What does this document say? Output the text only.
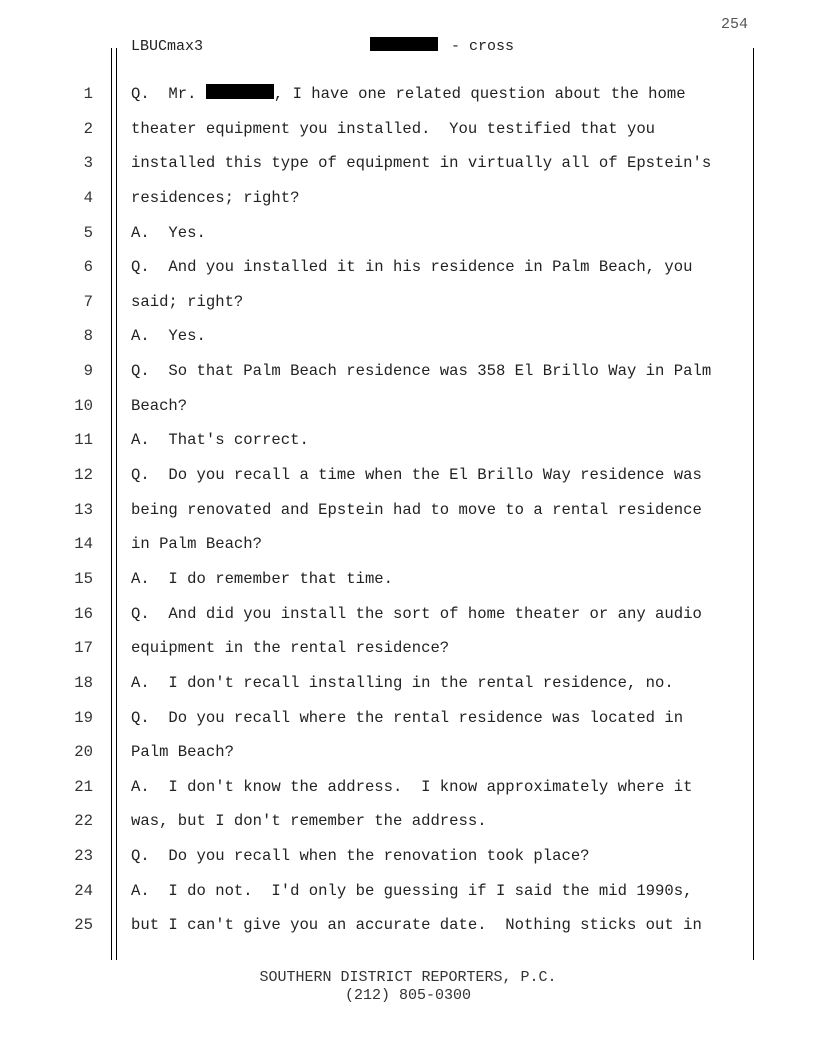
254
LBUCmax3	- cross
1 Q.  Mr.	, I have one related question about the home
2 theater equipment you installed.  You testified that you
3 installed this type of equipment in virtually all of Epstein's
4 residences; right?
5 A.  Yes.
6 Q.  And you installed it in his residence in Palm Beach, you
7 said; right?
8 A.  Yes.
9 Q.  So that Palm Beach residence was 358 El Brillo Way in Palm
10 Beach?
11 A.  That's correct.
12 Q.  Do you recall a time when the El Brillo Way residence was
13 being renovated and Epstein had to move to a rental residence
14 in Palm Beach?
15 A.  I do remember that time.
16 Q.  And did you install the sort of home theater or any audio
17 equipment in the rental residence?
18 A.  I don't recall installing in the rental residence, no.
19 Q.  Do you recall where the rental residence was located in
20 Palm Beach?
21 A.  I don't know the address.  I know approximately where it
22 was, but I don't remember the address.
23 Q.  Do you recall when the renovation took place?
24 A.  I do not.  I'd only be guessing if I said the mid 1990s,
25 but I can't give you an accurate date.  Nothing sticks out in
SOUTHERN DISTRICT REPORTERS, P.C.
(212) 805-0300
